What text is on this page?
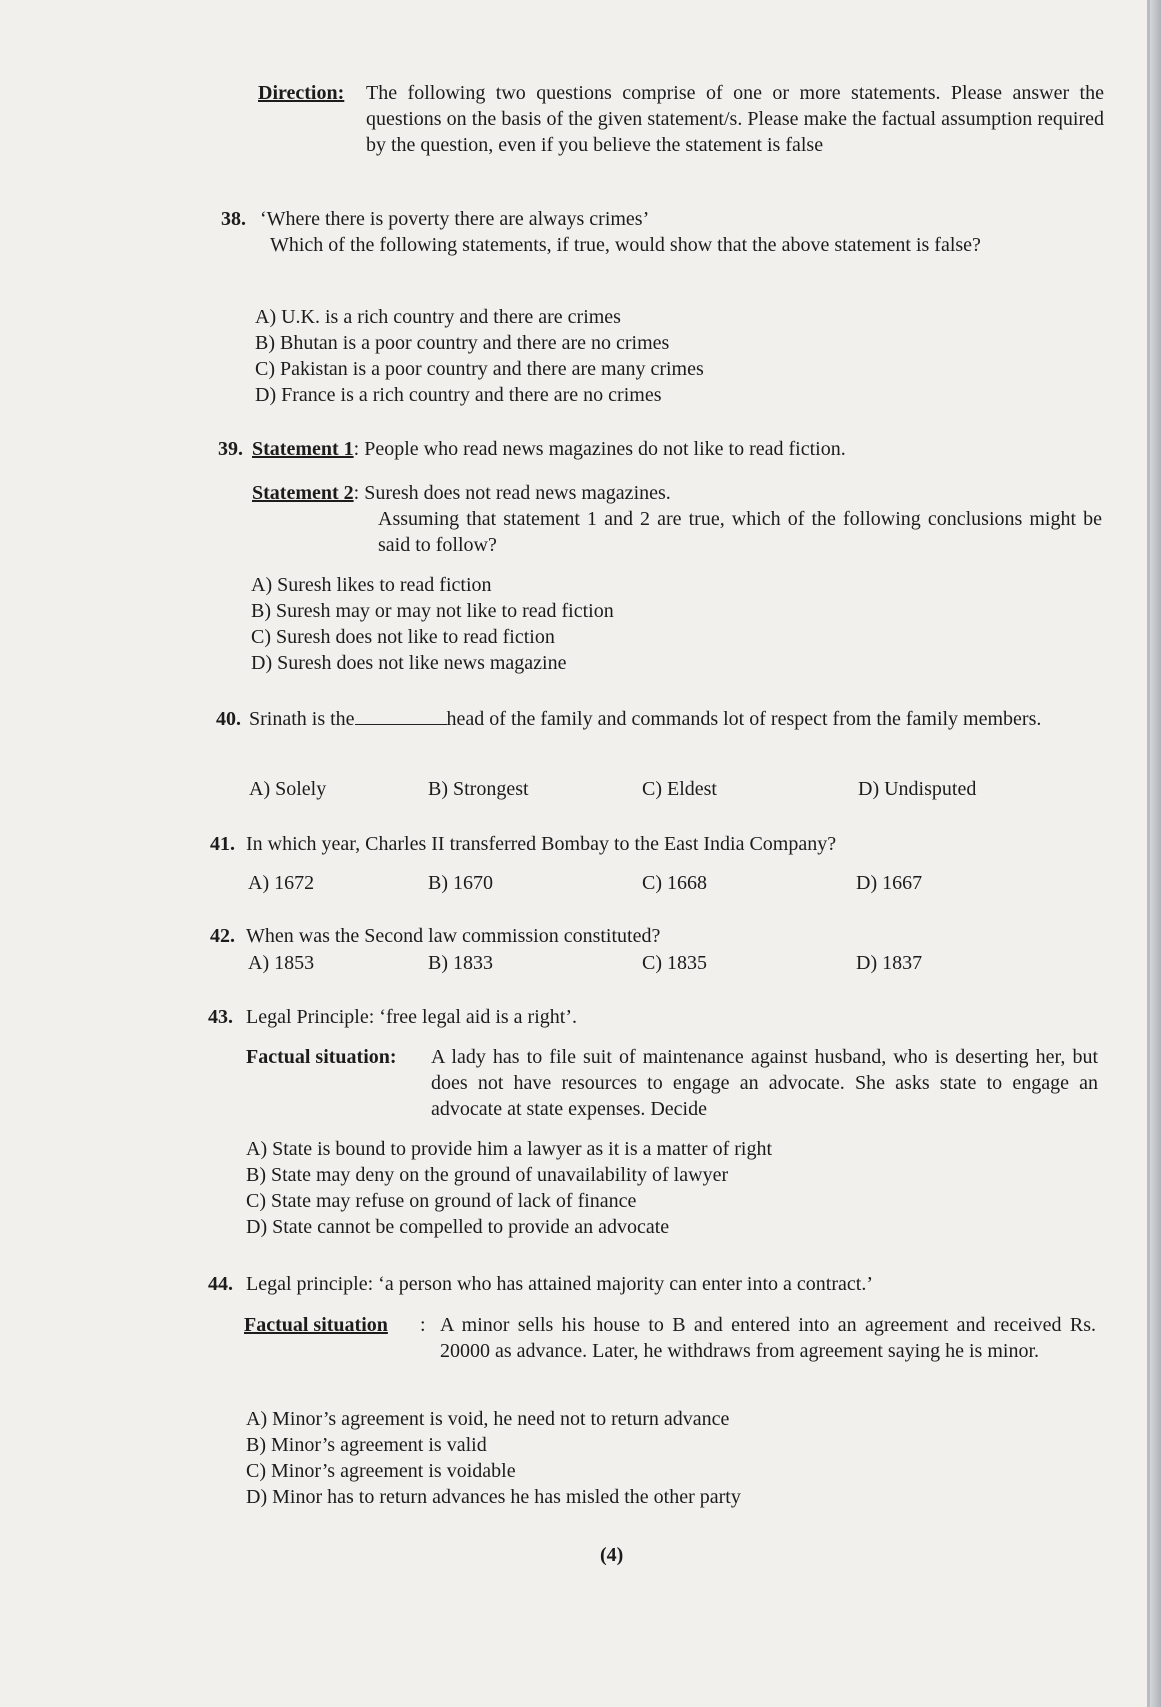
Direction: The following two questions comprise of one or more statements. Please answer the questions on the basis of the given statement/s. Please make the factual assumption required by the question, even if you believe the statement is false
38. ‘Where there is poverty there are always crimes’
Which of the following statements, if true, would show that the above statement is false?
A) U.K. is a rich country and there are crimes
B) Bhutan is a poor country and there are no crimes
C) Pakistan is a poor country and there are many crimes
D) France is a rich country and there are no crimes
39. Statement 1: People who read news magazines do not like to read fiction.
Statement 2: Suresh does not read news magazines.
Assuming that statement 1 and 2 are true, which of the following conclusions might be said to follow?
A) Suresh likes to read fiction
B) Suresh may or may not like to read fiction
C) Suresh does not like to read fiction
D) Suresh does not like news magazine
40. Srinath is the	head of the family and commands lot of respect from the family members.
A) Solely	B) Strongest	C) Eldest	D) Undisputed
41. In which year, Charles II transferred Bombay to the East India Company?
A) 1672	B) 1670	C) 1668	D) 1667
42. When was the Second law commission constituted?
A) 1853	B) 1833	C) 1835	D) 1837
43. Legal Principle: ‘free legal aid is a right’.
Factual situation: A lady has to file suit of maintenance against husband, who is deserting her, but does not have resources to engage an advocate. She asks state to engage an advocate at state expenses. Decide
A) State is bound to provide him a lawyer as it is a matter of right
B) State may deny on the ground of unavailability of lawyer
C) State may refuse on ground of lack of finance
D) State cannot be compelled to provide an advocate
44. Legal principle: ‘a person who has attained majority can enter into a contract.’
Factual situation : A minor sells his house to B and entered into an agreement and received Rs. 20000 as advance. Later, he withdraws from agreement saying he is minor.
A) Minor’s agreement is void, he need not to return advance
B) Minor’s agreement is valid
C) Minor’s agreement is voidable
D) Minor has to return advances he has misled the other party
(4)
